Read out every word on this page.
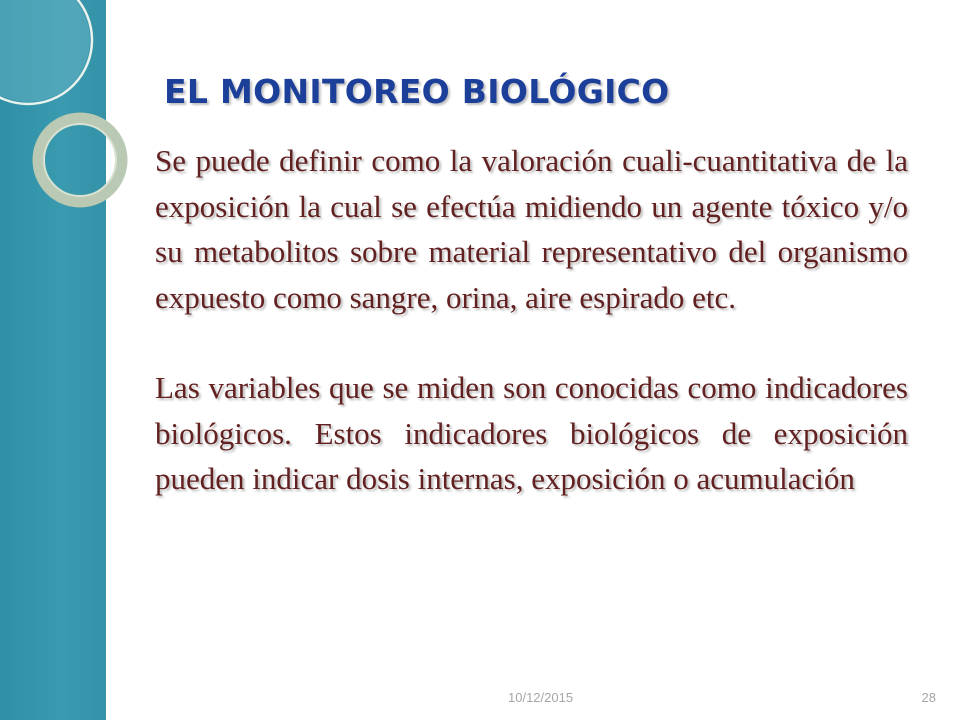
EL MONITOREO BIOLÓGICO

Se puede definir como la valoración cuali-cuantitativa de la exposición la cual se efectúa midiendo un agente tóxico y/o su metabolitos sobre material representativo del organismo expuesto como sangre, orina, aire espirado etc.

Las variables que se miden son conocidas como indicadores biológicos. Estos indicadores biológicos de exposición pueden indicar dosis internas, exposición o acumulación

10/12/2015	28
